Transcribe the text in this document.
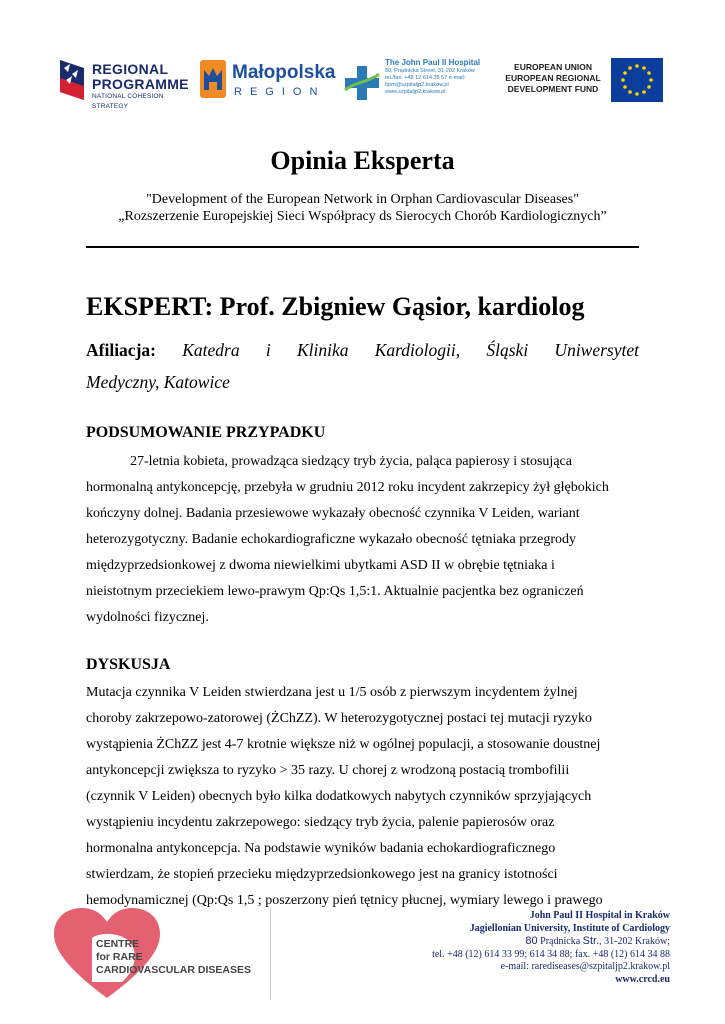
REGIONAL
PROGRAMME
NATIONAL COHESION STRATEGY
Małopolska
REGION
The John Paul II Hospital
80, Prądnicka Street, 31-202 Kraków
tel./fax. +48 12 614 35 57 e-mail:
bpm@szpitaljp2.krakow.pl
www.szpitaljp2.krakow.pl
EUROPEAN UNION
EUROPEAN REGIONAL
DEVELOPMENT FUND
Opinia Eksperta
"Development of the European Network in Orphan Cardiovascular Diseases"
„Rozszerzenie Europejskiej Sieci Współpracy ds Sierocych Chorób Kardiologicznych”
EKSPERT: Prof. Zbigniew Gąsior, kardiolog
Afiliacja: Katedra i Klinika Kardiologii, Śląski Uniwersytet
Medyczny, Katowice
PODSUMOWANIE PRZYPADKU
27-letnia kobieta, prowadząca siedzący tryb życia, paląca papierosy i stosująca
hormonalną antykoncepcję, przebyła w grudniu 2012 roku incydent zakrzepicy żył głębokich
kończyny dolnej. Badania przesiewowe wykazały obecność czynnika V Leiden, wariant
heterozygotyczny. Badanie echokardiograficzne wykazało obecność tętniaka przegrody
międzyprzedsionkowej z dwoma niewielkimi ubytkami ASD II w obrębie tętniaka i
nieistotnym przeciekiem lewo-prawym Qp:Qs 1,5:1. Aktualnie pacjentka bez ograniczeń
wydolności fizycznej.
DYSKUSJA
Mutacja czynnika V Leiden stwierdzana jest u 1/5 osób z pierwszym incydentem żylnej
choroby zakrzepowo-zatorowej (ŻChZZ). W heterozygotycznej postaci tej mutacji ryzyko
wystąpienia ŻChZZ jest 4-7 krotnie większe niż w ogólnej populacji, a stosowanie doustnej
antykoncepcji zwiększa to ryzyko > 35 razy. U chorej z wrodzoną postacią trombofilii
(czynnik V Leiden) obecnych było kilka dodatkowych nabytych czynników sprzyjających
wystąpieniu incydentu zakrzepowego: siedzący tryb życia, palenie papierosów oraz
hormonalna antykoncepcja. Na podstawie wyników badania echokardiograficznego
stwierdzam, że stopień przecieku międzyprzedsionkowego jest na granicy istotności
hemodynamicznej (Qp:Qs 1,5 ; poszerzony pień tętnicy płucnej, wymiary lewego i prawego
CENTRE
for RARE
CARDIOVASCULAR DISEASES
John Paul II Hospital in Kraków
Jagiellonian University, Institute of Cardiology
80 Prądnicka Str., 31-202 Kraków;
tel. +48 (12) 614 33 99; 614 34 88; fax. +48 (12) 614 34 88
e-mail: rarediseases@szpitaljp2.krakow.pl
www.crcd.eu
